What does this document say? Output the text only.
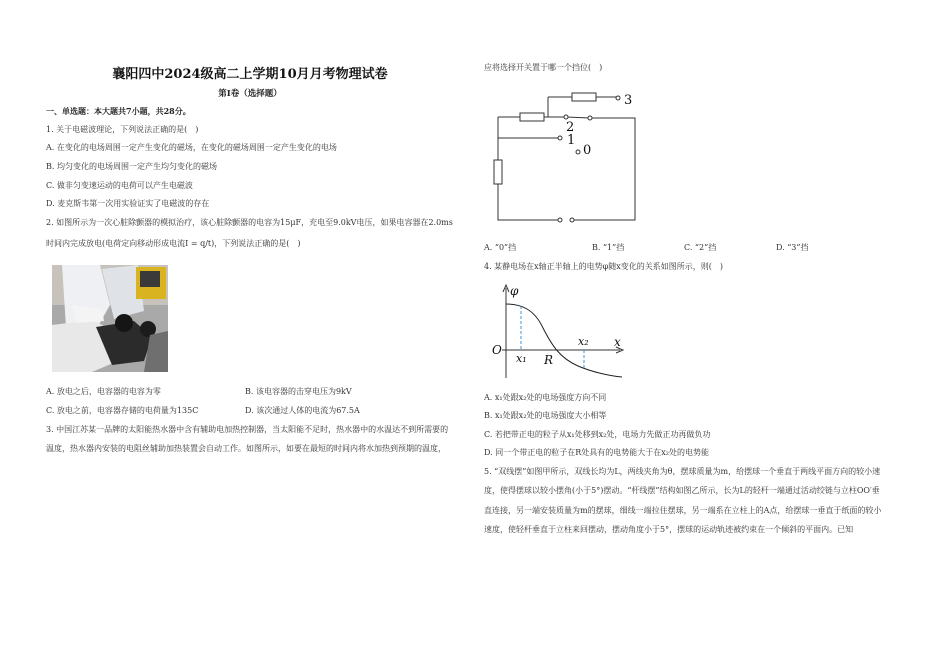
襄阳四中2024级高二上学期10月月考物理试卷
第Ⅰ卷（选择题）
一、单选题：本大题共7小题，共28分。
1. 关于电磁波理论，下列说法正确的是(　)
A. 在变化的电场周围一定产生变化的磁场，在变化的磁场周围一定产生变化的电场
B. 均匀变化的电场周围一定产生均匀变化的磁场
C. 做非匀变速运动的电荷可以产生电磁波
D. 麦克斯韦第一次用实验证实了电磁波的存在
2. 如图所示为一次心脏除颤器的模拟治疗，该心脏除颤器的电容为15μF，充电至9.0kV电压，如果电容器在2.0ms
时间内完成放电(电荷定向移动形成电流I = q/t)，下列说法正确的是(　)
A. 放电之后，电容器的电容为零	B. 该电容器的击穿电压为9kV
C. 放电之前，电容器存储的电荷量为135C	D. 该次通过人体的电流为67.5A
3. 中国江苏某一品牌的太阳能热水器中含有辅助电加热控制器，当太阳能不足时，热水器中的水温达不到所需要的
温度，热水器内安装的电阻丝辅助加热装置会自动工作。如图所示，如要在最短的时间内将水加热到预期的温度，
应将选择开关置于哪一个挡位(　)
3
2
1
0
A. “0”挡	B. “1”挡	C. “2”挡	D. “3”挡
4. 某静电场在x轴正半轴上的电势φ随x变化的关系如图所示，则(　)
φ
x
O
x₁
x₂
R
A. x₁处跟x₂处的电场强度方向不同
B. x₁处跟x₂处的电场强度大小相等
C. 若把带正电的粒子从x₁处移到x₂处，电场力先做正功再做负功
D. 同一个带正电的粒子在R处具有的电势能大于在x₂处的电势能
5. “双线摆”如图甲所示，双线长均为L，两线夹角为θ，摆球质量为m，给摆球一个垂直于两线平面方向的较小速
度，使得摆球以较小摆角(小于5°)摆动。“杆线摆”结构如图乙所示，长为L的轻杆一端通过活动绞链与立柱OO′垂
直连接，另一端安装质量为m的摆球，细线一端拉住摆球，另一端系在立柱上的A点，给摆球一垂直于纸面的较小
速度，使轻杆垂直于立柱来回摆动，摆动角度小于5°，摆球的运动轨迹被约束在一个倾斜的平面内。已知
